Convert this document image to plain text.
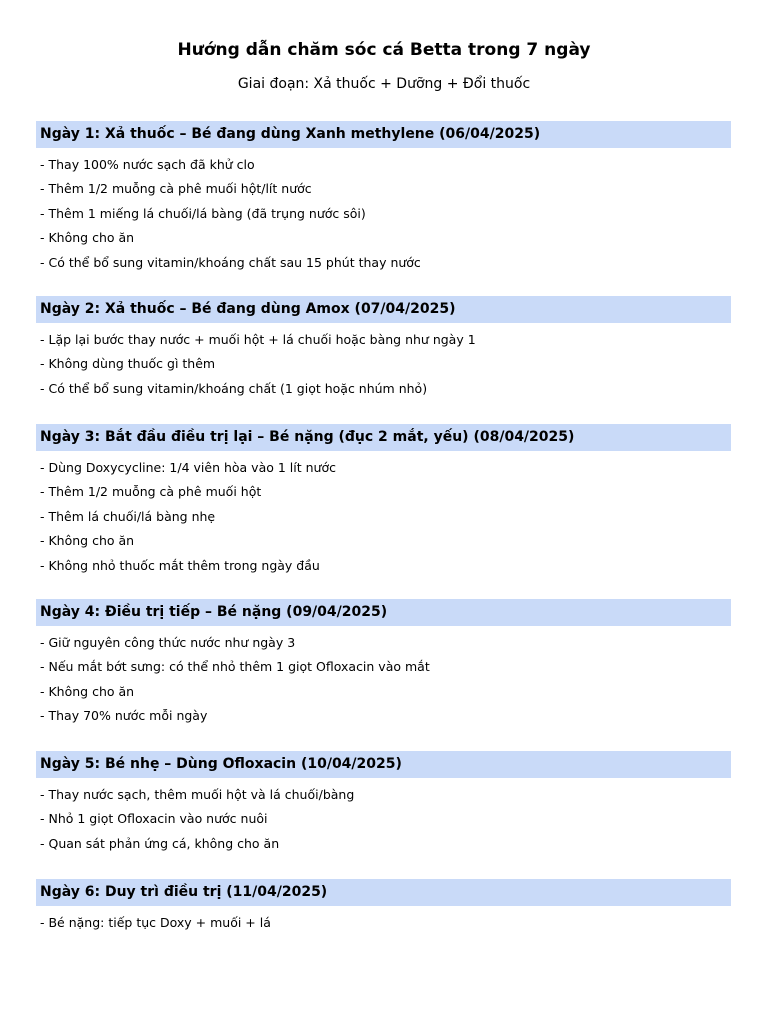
Hướng dẫn chăm sóc cá Betta trong 7 ngày

Giai đoạn: Xả thuốc + Dưỡng + Đổi thuốc

Ngày 1: Xả thuốc – Bé đang dùng Xanh methylene (06/04/2025)
- Thay 100% nước sạch đã khử clo
- Thêm 1/2 muỗng cà phê muối hột/lít nước
- Thêm 1 miếng lá chuối/lá bàng (đã trụng nước sôi)
- Không cho ăn
- Có thể bổ sung vitamin/khoáng chất sau 15 phút thay nước
Ngày 2: Xả thuốc – Bé đang dùng Amox (07/04/2025)
- Lặp lại bước thay nước + muối hột + lá chuối hoặc bàng như ngày 1
- Không dùng thuốc gì thêm
- Có thể bổ sung vitamin/khoáng chất (1 giọt hoặc nhúm nhỏ)
Ngày 3: Bắt đầu điều trị lại – Bé nặng (đục 2 mắt, yếu) (08/04/2025)
- Dùng Doxycycline: 1/4 viên hòa vào 1 lít nước
- Thêm 1/2 muỗng cà phê muối hột
- Thêm lá chuối/lá bàng nhẹ
- Không cho ăn
- Không nhỏ thuốc mắt thêm trong ngày đầu
Ngày 4: Điều trị tiếp – Bé nặng (09/04/2025)
- Giữ nguyên công thức nước như ngày 3
- Nếu mắt bớt sưng: có thể nhỏ thêm 1 giọt Ofloxacin vào mắt
- Không cho ăn
- Thay 70% nước mỗi ngày
Ngày 5: Bé nhẹ – Dùng Ofloxacin (10/04/2025)
- Thay nước sạch, thêm muối hột và lá chuối/bàng
- Nhỏ 1 giọt Ofloxacin vào nước nuôi
- Quan sát phản ứng cá, không cho ăn
Ngày 6: Duy trì điều trị (11/04/2025)
- Bé nặng: tiếp tục Doxy + muối + lá
